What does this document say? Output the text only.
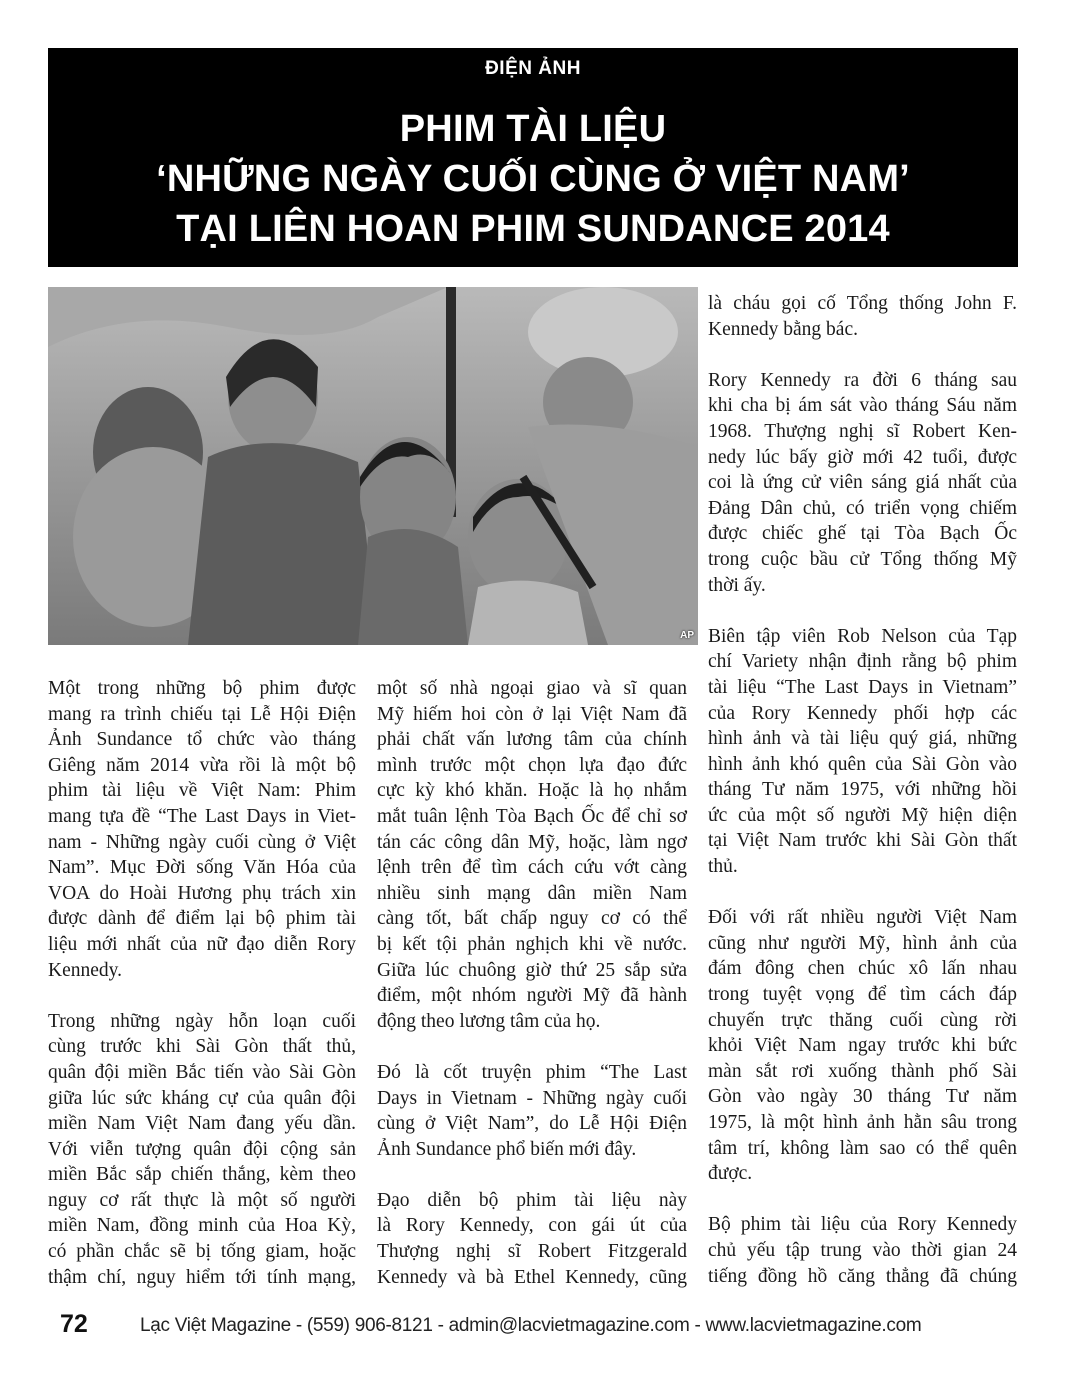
ĐIỆN ẢNH
PHIM TÀI LIỆU
‘NHỮNG NGÀY CUỐI CÙNG Ở VIỆT NAM’
TẠI LIÊN HOAN PHIM SUNDANCE 2014
AP
Một trong những bộ phim được
mang ra trình chiếu tại Lễ Hội Điện
Ảnh Sundance tổ chức vào tháng
Giêng năm 2014 vừa rồi là một bộ
phim tài liệu về Việt Nam: Phim
mang tựa đề “The Last Days in Viet-
nam - Những ngày cuối cùng ở Việt
Nam”. Mục Đời sống Văn Hóa của
VOA do Hoài Hương phụ trách xin
được dành để điểm lại bộ phim tài
liệu mới nhất của nữ đạo diễn Rory
Kennedy.
Trong những ngày hỗn loạn cuối
cùng trước khi Sài Gòn thất thủ,
quân đội miền Bắc tiến vào Sài Gòn
giữa lúc sức kháng cự của quân đội
miền Nam Việt Nam đang yếu dần.
Với viễn tượng quân đội cộng sản
miền Bắc sắp chiến thắng, kèm theo
nguy cơ rất thực là một số người
miền Nam, đồng minh của Hoa Kỳ,
có phần chắc sẽ bị tống giam, hoặc
thậm chí, nguy hiểm tới tính mạng,
một số nhà ngoại giao và sĩ quan
Mỹ hiếm hoi còn ở lại Việt Nam đã
phải chất vấn lương tâm của chính
mình trước một chọn lựa đạo đức
cực kỳ khó khăn. Hoặc là họ nhắm
mắt tuân lệnh Tòa Bạch Ốc để chỉ sơ
tán các công dân Mỹ, hoặc, làm ngơ
lệnh trên để tìm cách cứu vớt càng
nhiều sinh mạng dân miền Nam
càng tốt, bất chấp nguy cơ có thể
bị kết tội phản nghịch khi về nước.
Giữa lúc chuông giờ thứ 25 sắp sửa
điểm, một nhóm người Mỹ đã hành
động theo lương tâm của họ.
Đó là cốt truyện phim “The Last
Days in Vietnam - Những ngày cuối
cùng ở Việt Nam”, do Lễ Hội Điện
Ảnh Sundance phổ biến mới đây.
Đạo diễn bộ phim tài liệu này
là Rory Kennedy, con gái út của
Thượng nghị sĩ Robert Fitzgerald
Kennedy và bà Ethel Kennedy, cũng
là cháu gọi cố Tổng thống John F.
Kennedy bằng bác.
Rory Kennedy ra đời 6 tháng sau
khi cha bị ám sát vào tháng Sáu năm
1968. Thượng nghị sĩ Robert Ken-
nedy lúc bấy giờ mới 42 tuổi, được
coi là ứng cử viên sáng giá nhất của
Đảng Dân chủ, có triển vọng chiếm
được chiếc ghế tại Tòa Bạch Ốc
trong cuộc bầu cử Tổng thống Mỹ
thời ấy.
Biên tập viên Rob Nelson của Tạp
chí Variety nhận định rằng bộ phim
tài liệu “The Last Days in Vietnam”
của Rory Kennedy phối hợp các
hình ảnh và tài liệu quý giá, những
hình ảnh khó quên của Sài Gòn vào
tháng Tư năm 1975, với những hồi
ức của một số người Mỹ hiện diện
tại Việt Nam trước khi Sài Gòn thất
thủ.
Đối với rất nhiều người Việt Nam
cũng như người Mỹ, hình ảnh của
đám đông chen chúc xô lấn nhau
trong tuyệt vọng để tìm cách đáp
chuyến trực thăng cuối cùng rời
khỏi Việt Nam ngay trước khi bức
màn sắt rơi xuống thành phố Sài
Gòn vào ngày 30 tháng Tư năm
1975, là một hình ảnh hằn sâu trong
tâm trí, không làm sao có thể quên
được.
Bộ phim tài liệu của Rory Kennedy
chủ yếu tập trung vào thời gian 24
tiếng đồng hồ căng thẳng đã chúng
72	Lạc Việt Magazine - (559) 906-8121 - admin@lacvietmagazine.com - www.lacvietmagazine.com
